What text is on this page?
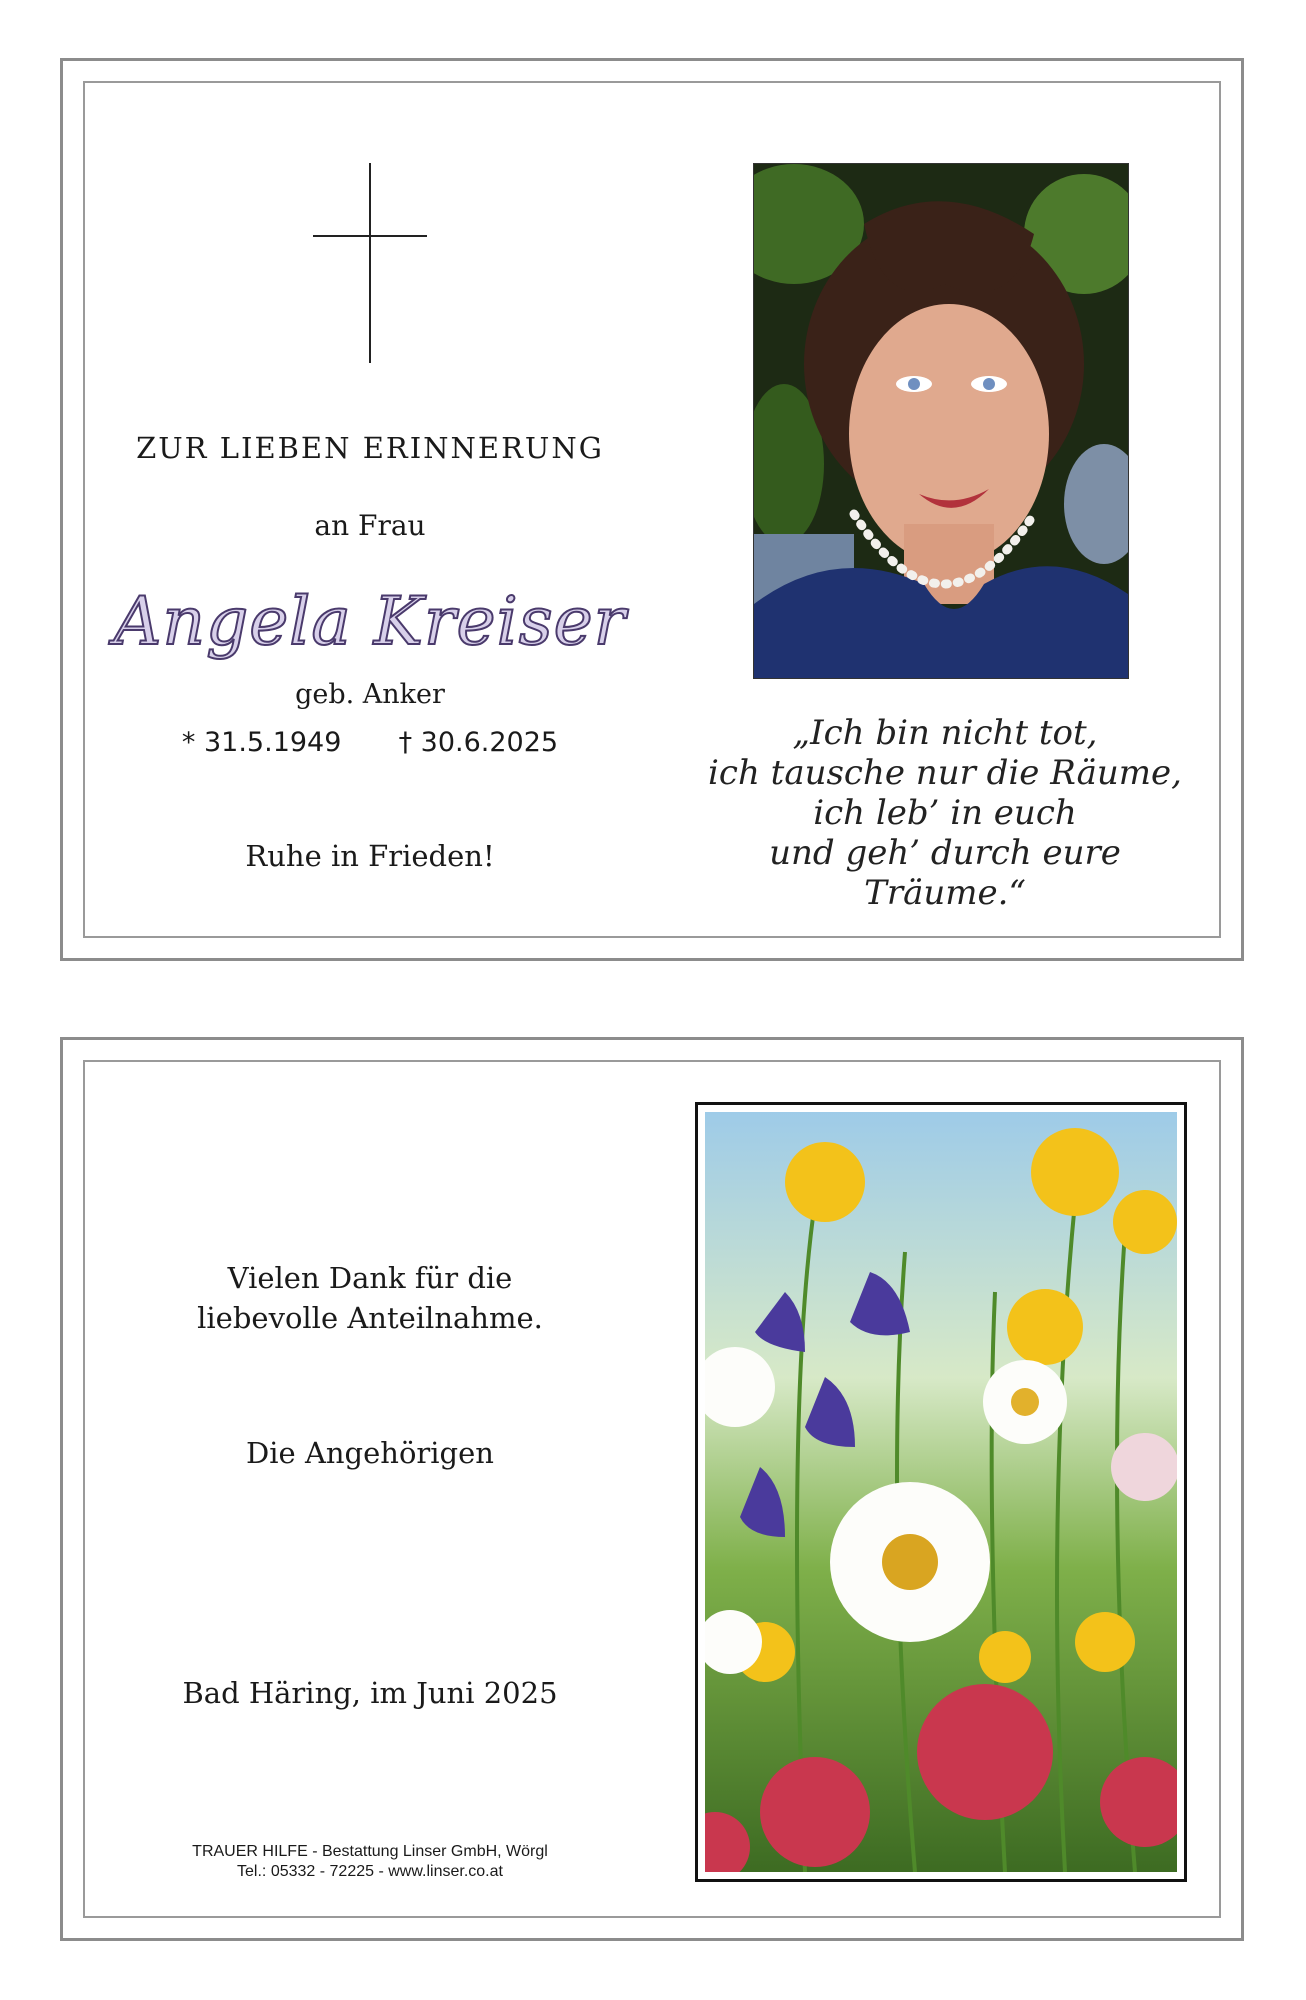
ZUR LIEBEN ERINNERUNG
an Frau
Angela Kreiser
geb. Anker
* 31.5.1949 † 30.6.2025
Ruhe in Frieden!
„Ich bin nicht tot,
ich tausche nur die Räume,
ich leb’ in euch
und geh’ durch eure Träume.“
Vielen Dank für die
liebevolle Anteilnahme.
Die Angehörigen
Bad Häring, im Juni 2025
TRAUER HILFE - Bestattung Linser GmbH, Wörgl
Tel.: 05332 - 72225 - www.linser.co.at
